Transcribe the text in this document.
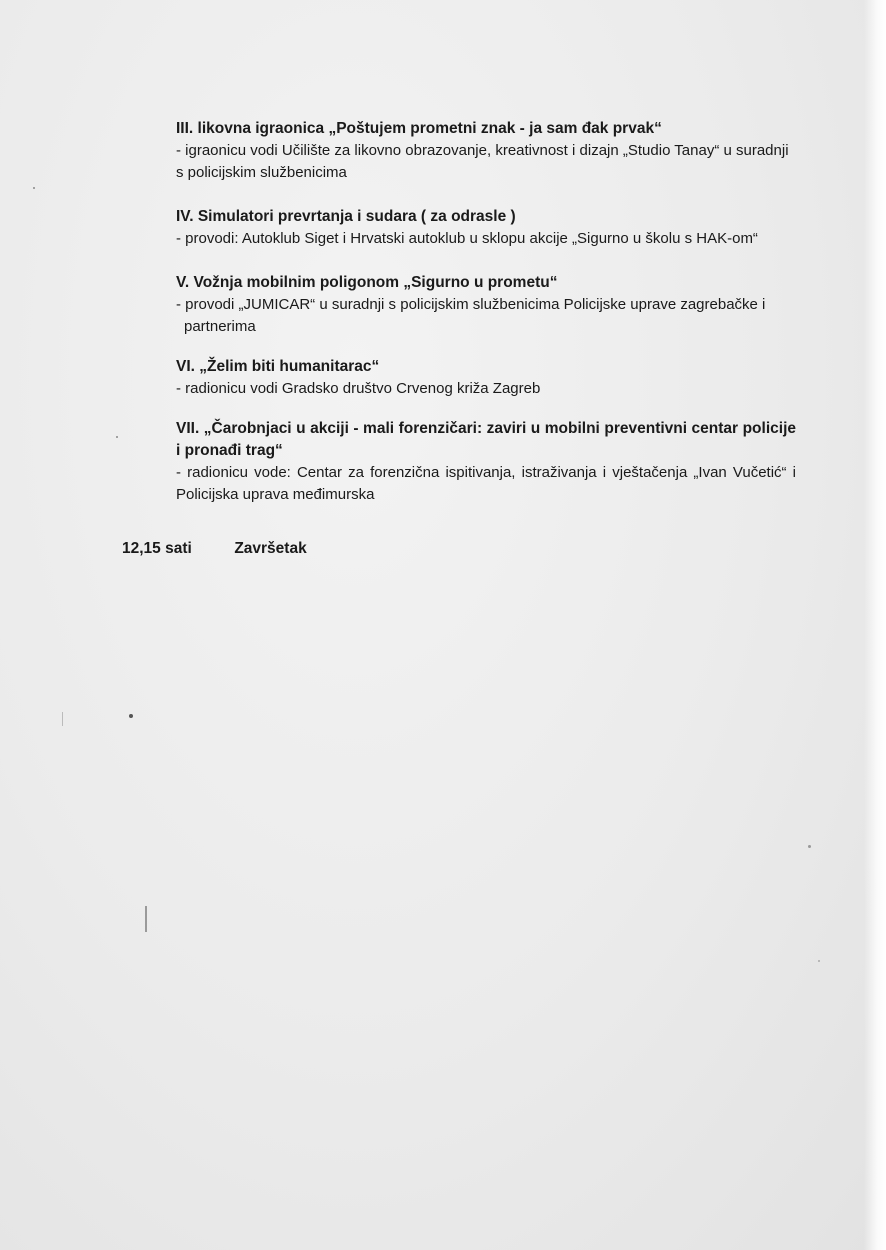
III. likovna igraonica „Poštujem prometni znak - ja sam đak prvak“

- igraonicu vodi Učilište za likovno obrazovanje, kreativnost i dizajn „Studio Tanay“ u suradnji s policijskim službenicima

IV. Simulatori prevrtanja i sudara ( za odrasle )

- provodi: Autoklub Siget i Hrvatski autoklub u sklopu akcije „Sigurno u školu s HAK-om“

V. Vožnja mobilnim poligonom „Sigurno u prometu“

- provodi „JUMICAR“ u suradnji s policijskim službenicima Policijske uprave zagrebačke i
partnerima

VI. „Želim biti humanitarac“

- radionicu vodi Gradsko društvo Crvenog križa Zagreb

VII. „Čarobnjaci u akciji - mali forenzičari: zaviri u mobilni preventivni centar policije i pronađi trag“

- radionicu vode: Centar za forenzična ispitivanja, istraživanja i vještačenja „Ivan Vučetić“ i Policijska uprava međimurska

12,15 sati	Završetak
